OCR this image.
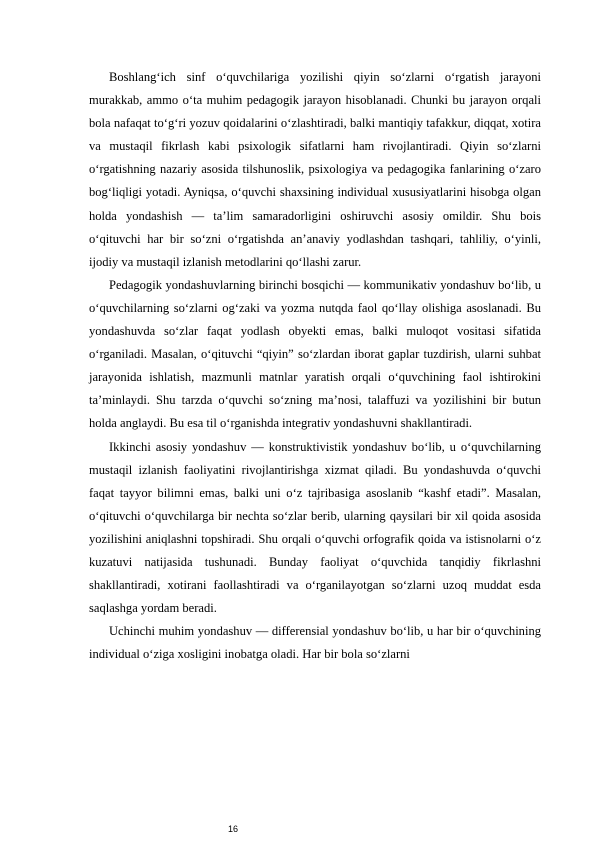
Boshlang‘ich sinf o‘quvchilariga yozilishi qiyin so‘zlarni o‘rgatish jarayoni murakkab, ammo o‘ta muhim pedagogik jarayon hisoblanadi. Chunki bu jarayon orqali bola nafaqat to‘g‘ri yozuv qoidalarini o‘zlashtiradi, balki mantiqiy tafakkur, diqqat, xotira va mustaqil fikrlash kabi psixologik sifatlarni ham rivojlantiradi. Qiyin so‘zlarni o‘rgatishning nazariy asosida tilshunoslik, psixologiya va pedagogika fanlarining o‘zaro bog‘liqligi yotadi. Ayniqsa, o‘quvchi shaxsining individual xususiyatlarini hisobga olgan holda yondashish — ta’lim samaradorligini oshiruvchi asosiy omildir. Shu bois o‘qituvchi har bir so‘zni o‘rgatishda an’anaviy yodlashdan tashqari, tahliliy, o‘yinli, ijodiy va mustaqil izlanish metodlarini qo‘llashi zarur.

Pedagogik yondashuvlarning birinchi bosqichi — kommunikativ yondashuv bo‘lib, u o‘quvchilarning so‘zlarni og‘zaki va yozma nutqda faol qo‘llay olishiga asoslanadi. Bu yondashuvda so‘zlar faqat yodlash obyekti emas, balki muloqot vositasi sifatida o‘rganiladi. Masalan, o‘qituvchi “qiyin” so‘zlardan iborat gaplar tuzdirish, ularni suhbat jarayonida ishlatish, mazmunli matnlar yaratish orqali o‘quvchining faol ishtirokini ta’minlaydi. Shu tarzda o‘quvchi so‘zning ma’nosi, talaffuzi va yozilishini bir butun holda anglaydi. Bu esa til o‘rganishda integrativ yondashuvni shakllantiradi.

Ikkinchi asosiy yondashuv — konstruktivistik yondashuv bo‘lib, u o‘quvchilarning mustaqil izlanish faoliyatini rivojlantirishga xizmat qiladi. Bu yondashuvda o‘quvchi faqat tayyor bilimni emas, balki uni o‘z tajribasiga asoslanib “kashf etadi”. Masalan, o‘qituvchi o‘quvchilarga bir nechta so‘zlar berib, ularning qaysilari bir xil qoida asosida yozilishini aniqlashni topshiradi. Shu orqali o‘quvchi orfografik qoida va istisnolarni o‘z kuzatuvi natijasida tushunadi. Bunday faoliyat o‘quvchida tanqidiy fikrlashni shakllantiradi, xotirani faollashtiradi va o‘rganilayotgan so‘zlarni uzoq muddat esda saqlashga yordam beradi.

Uchinchi muhim yondashuv — differensial yondashuv bo‘lib, u har bir o‘quvchining individual o‘ziga xosligini inobatga oladi. Har bir bola so‘zlarni

16
